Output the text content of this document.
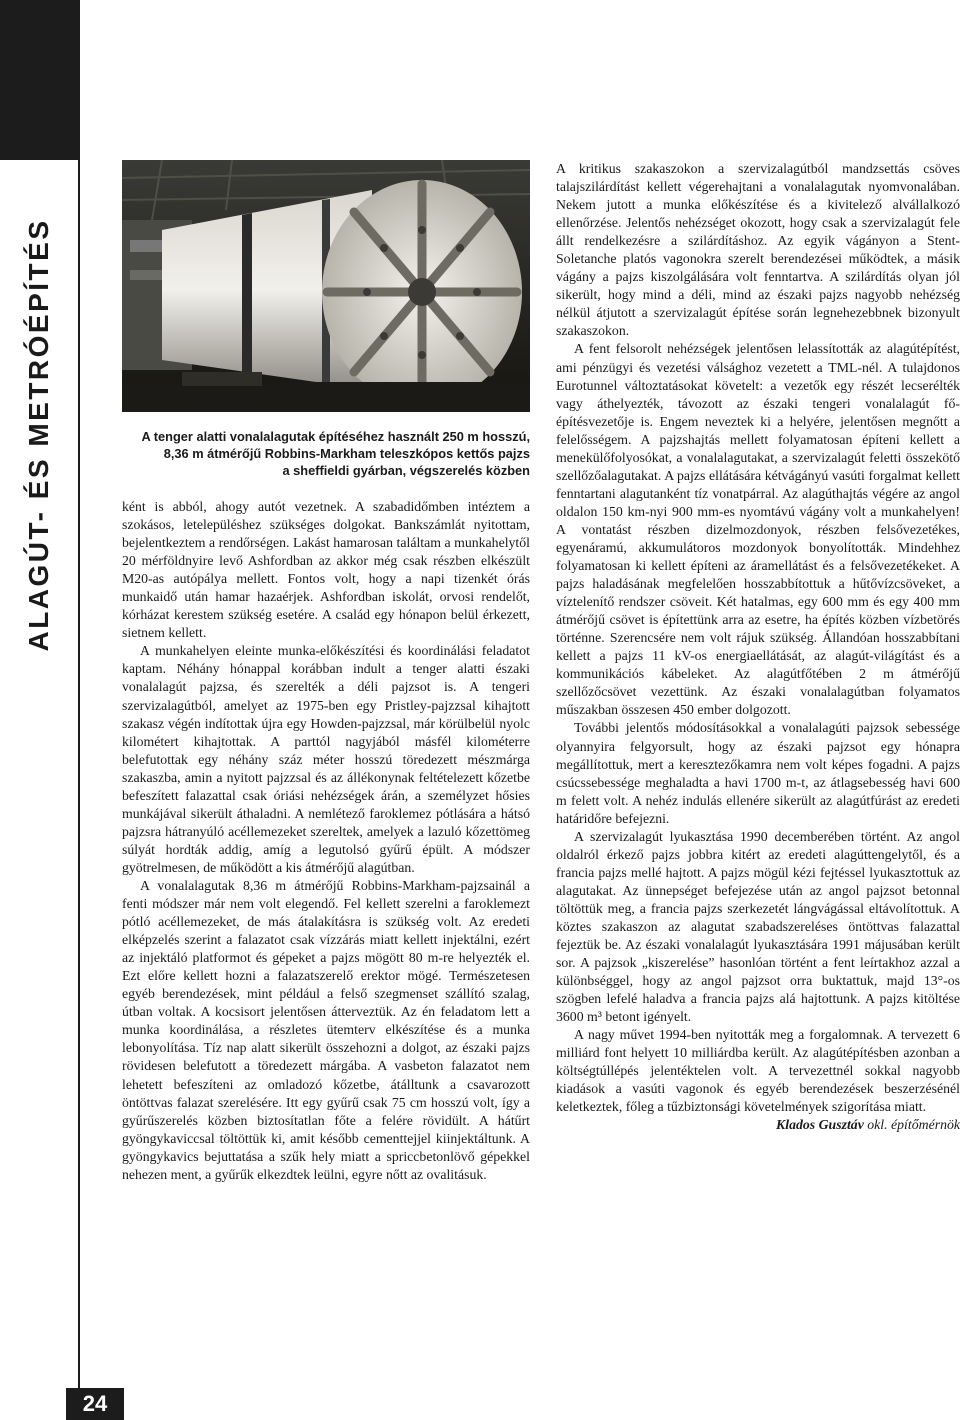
ALAGÚT- ÉS METRÓÉPÍTÉS	A tenger alatti vonalalagutak építéséhez használt 250 m hosszú,
8,36 m átmérőjű Robbins-Markham teleszkópos kettős pajzs
a sheffieldi gyárban, végszerelés közben

ként is abból, ahogy autót vezetnek. A szabadidőmben intéztem a szokásos, letelepüléshez szükséges dolgokat. Bankszámlát nyitottam, bejelentkeztem a rendőrségen. Lakást hamarosan találtam a munkahelytől 20 mérföldnyire levő Ashfordban az akkor még csak részben elkészült M20-as autópálya mellett. Fontos volt, hogy a napi tizenkét órás munkaidő után hamar hazaérjek. Ashfordban iskolát, orvosi rendelőt, kórházat kerestem szükség esetére. A család egy hónapon belül érkezett, sietnem kellett.

A munkahelyen eleinte munka-előkészítési és koordinálási feladatot kaptam. Néhány hónappal korábban indult a tenger alatti északi vonalalagút pajzsa, és szerelték a déli pajzsot is. A tengeri szervizalagútból, amelyet az 1975-ben egy Pristley-pajzzsal kihajtott szakasz végén indítottak újra egy Howden-pajzzsal, már körülbelül nyolc kilométert kihajtottak. A parttól nagyjából másfél kilométerre belefutottak egy néhány száz méter hosszú töredezett mészmárga szakaszba, amin a nyitott pajzzsal és az állékonynak feltételezett kőzetbe befeszített falazattal csak óriási nehézségek árán, a személyzet hősies munkájával sikerült áthaladni. A nemlétező faroklemez pótlására a hátsó pajzsra hátranyúló acéllemezeket szereltek, amelyek a lazuló kőzettömeg súlyát hordták addig, amíg a legutolsó gyűrű épült. A módszer gyötrelmesen, de működött a kis átmérőjű alagútban.

A vonalalagutak 8,36 m átmérőjű Robbins-Markham-pajzsainál a fenti módszer már nem volt elegendő. Fel kellett szerelni a faroklemezt pótló acéllemezeket, de más átalakításra is szükség volt. Az eredeti elképzelés szerint a falazatot csak vízzárás miatt kellett injektálni, ezért az injektáló platformot és gépeket a pajzs mögött 80 m-re helyezték el. Ezt előre kellett hozni a falazatszerelő erektor mögé. Természetesen egyéb berendezések, mint például a felső szegmenset szállító szalag, útban voltak. A kocsisort jelentősen átterveztük. Az én feladatom lett a munka koordinálása, a részletes ütemterv elkészítése és a munka lebonyolítása. Tíz nap alatt sikerült összehozni a dolgot, az északi pajzs rövidesen belefutott a töredezett márgába. A vasbeton falazatot nem lehetett befeszíteni az omladozó kőzetbe, átálltunk a csavarozott öntöttvas falazat szerelésére. Itt egy gyűrű csak 75 cm hosszú volt, így a gyűrűszerelés közben biztosítatlan főte a felére rövidült. A hátűrt gyöngykaviccsal töltöttük ki, amit később cementtejjel kiinjektáltunk. A gyöngykavics bejuttatása a szűk hely miatt a spriccbetonlövő gépekkel nehezen ment, a gyűrűk elkezdtek leülni, egyre nőtt az ovalitásuk.

A kritikus szakaszokon a szervizalagútból mandzsettás csöves talajszilárdítást kellett végerehajtani a vonalalagutak nyomvonalában. Nekem jutott a munka előkészítése és a kivitelező alvállalkozó ellenőrzése. Jelentős nehézséget okozott, hogy csak a szervizalagút fele állt rendelkezésre a szilárdításhoz. Az egyik vágányon a Stent-Soletanche platós vagonokra szerelt berendezései működtek, a másik vágány a pajzs kiszolgálására volt fenntartva. A szilárdítás olyan jól sikerült, hogy mind a déli, mind az északi pajzs nagyobb nehézség nélkül átjutott a szervizalagút építése során legnehezebbnek bizonyult szakaszokon.

A fent felsorolt nehézségek jelentősen lelassították az alagútépítést, ami pénzügyi és vezetési válsághoz vezetett a TML-nél. A tulajdonos Eurotunnel változtatásokat követelt: a vezetők egy részét lecserélték vagy áthelyezték, távozott az északi tengeri vonalalagút fő-építésvezetője is. Engem neveztek ki a helyére, jelentősen megnőtt a felelősségem. A pajzshajtás mellett folyamatosan építeni kellett a menekülőfolyosókat, a vonalalagutakat, a szervizalagút feletti összekötő szellőzőalagutakat. A pajzs ellátására kétvágányú vasúti forgalmat kellett fenntartani alagutanként tíz vonatpárral. Az alagúthajtás végére az angol oldalon 150 km-nyi 900 mm-es nyomtávú vágány volt a munkahelyen! A vontatást részben dizelmozdonyok, részben felsővezetékes, egyenáramú, akkumulátoros mozdonyok bonyolították. Mindehhez folyamatosan ki kellett építeni az áramellátást és a felsővezetékeket. A pajzs haladásának megfelelően hosszabbítottuk a hűtővízcsöveket, a víztelenítő rendszer csöveit. Két hatalmas, egy 600 mm és egy 400 mm átmérőjű csövet is építettünk arra az esetre, ha építés közben vízbetörés történne. Szerencsére nem volt rájuk szükség. Állandóan hosszabbítani kellett a pajzs 11 kV-os energiaellátását, az alagút-világítást és a kommunikációs kábeleket. Az alagútfőtében 2 m átmérőjű szellőzőcsövet vezettünk. Az északi vonalalagútban folyamatos műszakban összesen 450 ember dolgozott.

További jelentős módosításokkal a vonalalagúti pajzsok sebessége olyannyira felgyorsult, hogy az északi pajzsot egy hónapra megállítottuk, mert a keresztezőkamra nem volt képes fogadni. A pajzs csúcssebessége meghaladta a havi 1700 m-t, az átlagsebesség havi 600 m felett volt. A nehéz indulás ellenére sikerült az alagútfúrást az eredeti határidőre befejezni.

A szervizalagút lyukasztása 1990 decemberében történt. Az angol oldalról érkező pajzs jobbra kitért az eredeti alagúttengelytől, és a francia pajzs mellé hajtott. A pajzs mögül kézi fejtéssel lyukasztottuk az alagutakat. Az ünnepséget befejezése után az angol pajzsot betonnal töltöttük meg, a francia pajzs szerkezetét lángvágással eltávolítottuk. A köztes szakaszon az alagutat szabadszereléses öntöttvas falazattal fejeztük be. Az északi vonalalagút lyukasztására 1991 májusában került sor. A pajzsok „kiszerelése” hasonlóan történt a fent leírtakhoz azzal a különbséggel, hogy az angol pajzsot orra buktattuk, majd 13°-os szögben lefelé haladva a francia pajzs alá hajtottunk. A pajzs kitöltése 3600 m³ betont igényelt.

A nagy művet 1994-ben nyitották meg a forgalomnak. A tervezett 6 milliárd font helyett 10 milliárdba került. Az alagútépítésben azonban a költségtúllépés jelentéktelen volt. A tervezettnél sokkal nagyobb kiadások a vasúti vagonok és egyéb berendezések beszerzésénél keletkeztek, főleg a tűzbiztonsági követelmények szigorítása miatt.

Klados Gusztáv okl. építőmérnök

24
